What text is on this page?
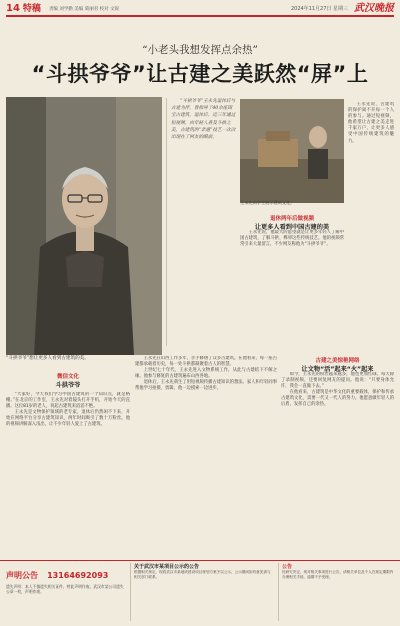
14 特稿 责编 刘学勤 美编 葛丽君 校对 文锐	2024年11月27日 星期三 武汉晚报
“小老头我想发挥点余热”
“斗拱爷爷”让古建之美跃然“屏”上
“斗拱爷爷”想让更多人看到古建筑的美。

“斗拱爷爷”王永先退休后与古建为伴，曾指导了40余座国宝古建筑，退休后，近三年通过短视频，向年轻人普及斗拱之美，古建筑的“非遗”技艺一次次出现在了网友的眼前。

王永先向学生展示建筑文化。
微信文化
斗拱爷爷

“大家好，今天我们学习中国古建筑的一个知识点，就是格栅。”在北京的工作室，王永先对着镜头打开手机，开始今天的直播。这位81岁的老人，说起古建筑来滔滔不绝。

王永先是文物保护领域的老专家，退休后仍然闲不下来，开始在网络平台分享古建筑知识，两年时间吸引了数十万粉丝。他的视频讲解深入浅出，让不少年轻人爱上了古建筑。

王永先在山西工作多年，亲手修缮了众多古建筑。在他看来，每一座古建都承载着历史，每一处斗拱都凝聚着古人的智慧。

上世纪七十年代，王永先进入文物系统工作，从此与古建结下不解之缘。他参与修复的古建筑遍布山西各地。

退休后，王永先萌生了用短视频传播古建知识的想法。家人和年轻同事帮他学习拍摄、剪辑，他一边摸索一边进步。

退休两年后做视频
让更多人看到中国古建的美

王永先说，他最大的愿望就是让更多年轻人了解中国古建筑，了解斗拱、榫卯这些传统技艺。他的视频常常引来大量留言，不少网友称他为“斗拱爷爷”。

王永先说，古建筑的保护离不开每一个人的参与。通过短视频，他希望让古建之美走进千家万户，让更多人感受中国传统建筑的魅力。

古建之美惊艳网络
让文物“活”起来“火”起来

如今，王永先的粉丝越来越多，他也更加忙碌。每天除了录制视频，还要回复网友的提问。他说：“只要身体允许，我会一直做下去。”

在他看来，古建筑是中华文化的重要载体，保护和传承古建筑文化，需要一代又一代人的努力。他愿意做年轻人的后盾，发挥自己的余热。

声明公告 13164692093
遗失声明：本人不慎遗失相关证件，特此声明作废。武汉市某公司遗失公章一枚，声明作废。
关于武汉市某项目公示的公告
根据相关规定，现将武汉市某地块建设项目规划方案予以公示，公示期间如有意见请与相关部门联系。
公告
经研究决定，现对相关事项进行公告，请相关单位及个人在规定期限内办理相关手续，逾期不予受理。
